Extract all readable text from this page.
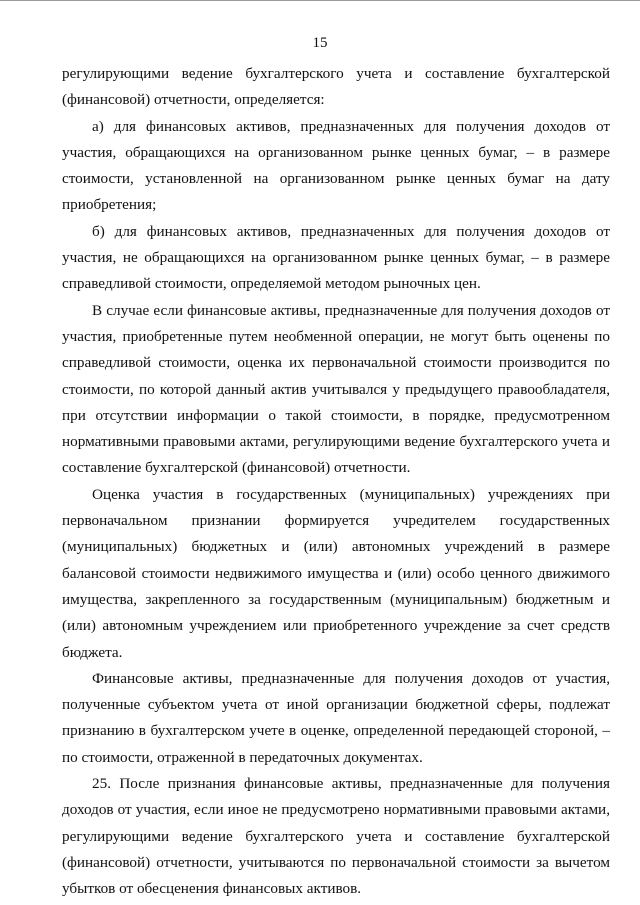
15

регулирующими ведение бухгалтерского учета и составление бухгалтерской (финансовой) отчетности, определяется:

а) для финансовых активов, предназначенных для получения доходов от участия, обращающихся на организованном рынке ценных бумаг, – в размере стоимости, установленной на организованном рынке ценных бумаг на дату приобретения;

б) для финансовых активов, предназначенных для получения доходов от участия, не обращающихся на организованном рынке ценных бумаг, – в размере справедливой стоимости, определяемой методом рыночных цен.

В случае если финансовые активы, предназначенные для получения доходов от участия, приобретенные путем необменной операции, не могут быть оценены по справедливой стоимости, оценка их первоначальной стоимости производится по стоимости, по которой данный актив учитывался у предыдущего правообладателя, при отсутствии информации о такой стоимости, в порядке, предусмотренном нормативными правовыми актами, регулирующими ведение бухгалтерского учета и составление бухгалтерской (финансовой) отчетности.

Оценка участия в государственных (муниципальных) учреждениях при первоначальном признании формируется учредителем государственных (муниципальных) бюджетных и (или) автономных учреждений в размере балансовой стоимости недвижимого имущества и (или) особо ценного движимого имущества, закрепленного за государственным (муниципальным) бюджетным и (или) автономным учреждением или приобретенного учреждение за счет средств бюджета.

Финансовые активы, предназначенные для получения доходов от участия, полученные субъектом учета от иной организации бюджетной сферы, подлежат признанию в бухгалтерском учете в оценке, определенной передающей стороной, – по стоимости, отраженной в передаточных документах.

25. После признания финансовые активы, предназначенные для получения доходов от участия, если иное не предусмотрено нормативными правовыми актами, регулирующими ведение бухгалтерского учета и составление бухгалтерской (финансовой) отчетности, учитываются по первоначальной стоимости за вычетом убытков от обесценения финансовых активов.
